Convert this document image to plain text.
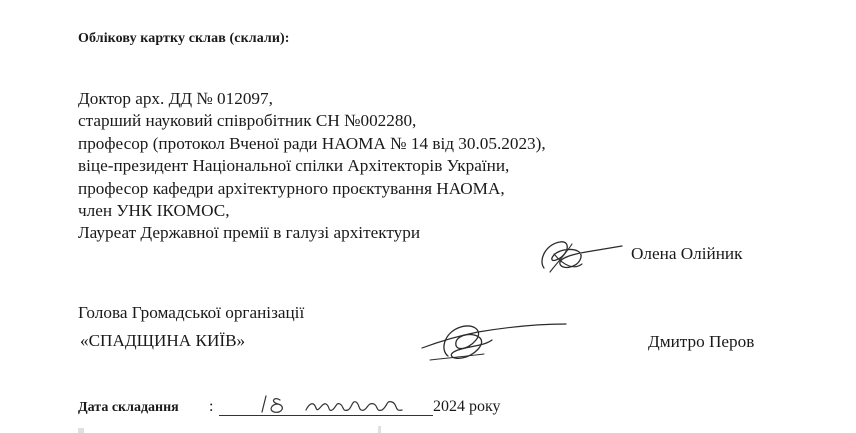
Облікову картку склав (склали):
Доктор арх. ДД № 012097,
старший науковий співробітник СН №002280,
професор (протокол Вченої ради НАОМА № 14 від 30.05.2023),
віце-президент Національної спілки Архітекторів України,
професор кафедри архітектурного проєктування НАОМА,
член УНК ІКОМОС,
Лауреат Державної премії в галузі архітектури
Олена Олійник
Голова Громадської організації
«СПАДЩИНА КИЇВ»	Дмитро Перов
Дата складання :	2024 року
